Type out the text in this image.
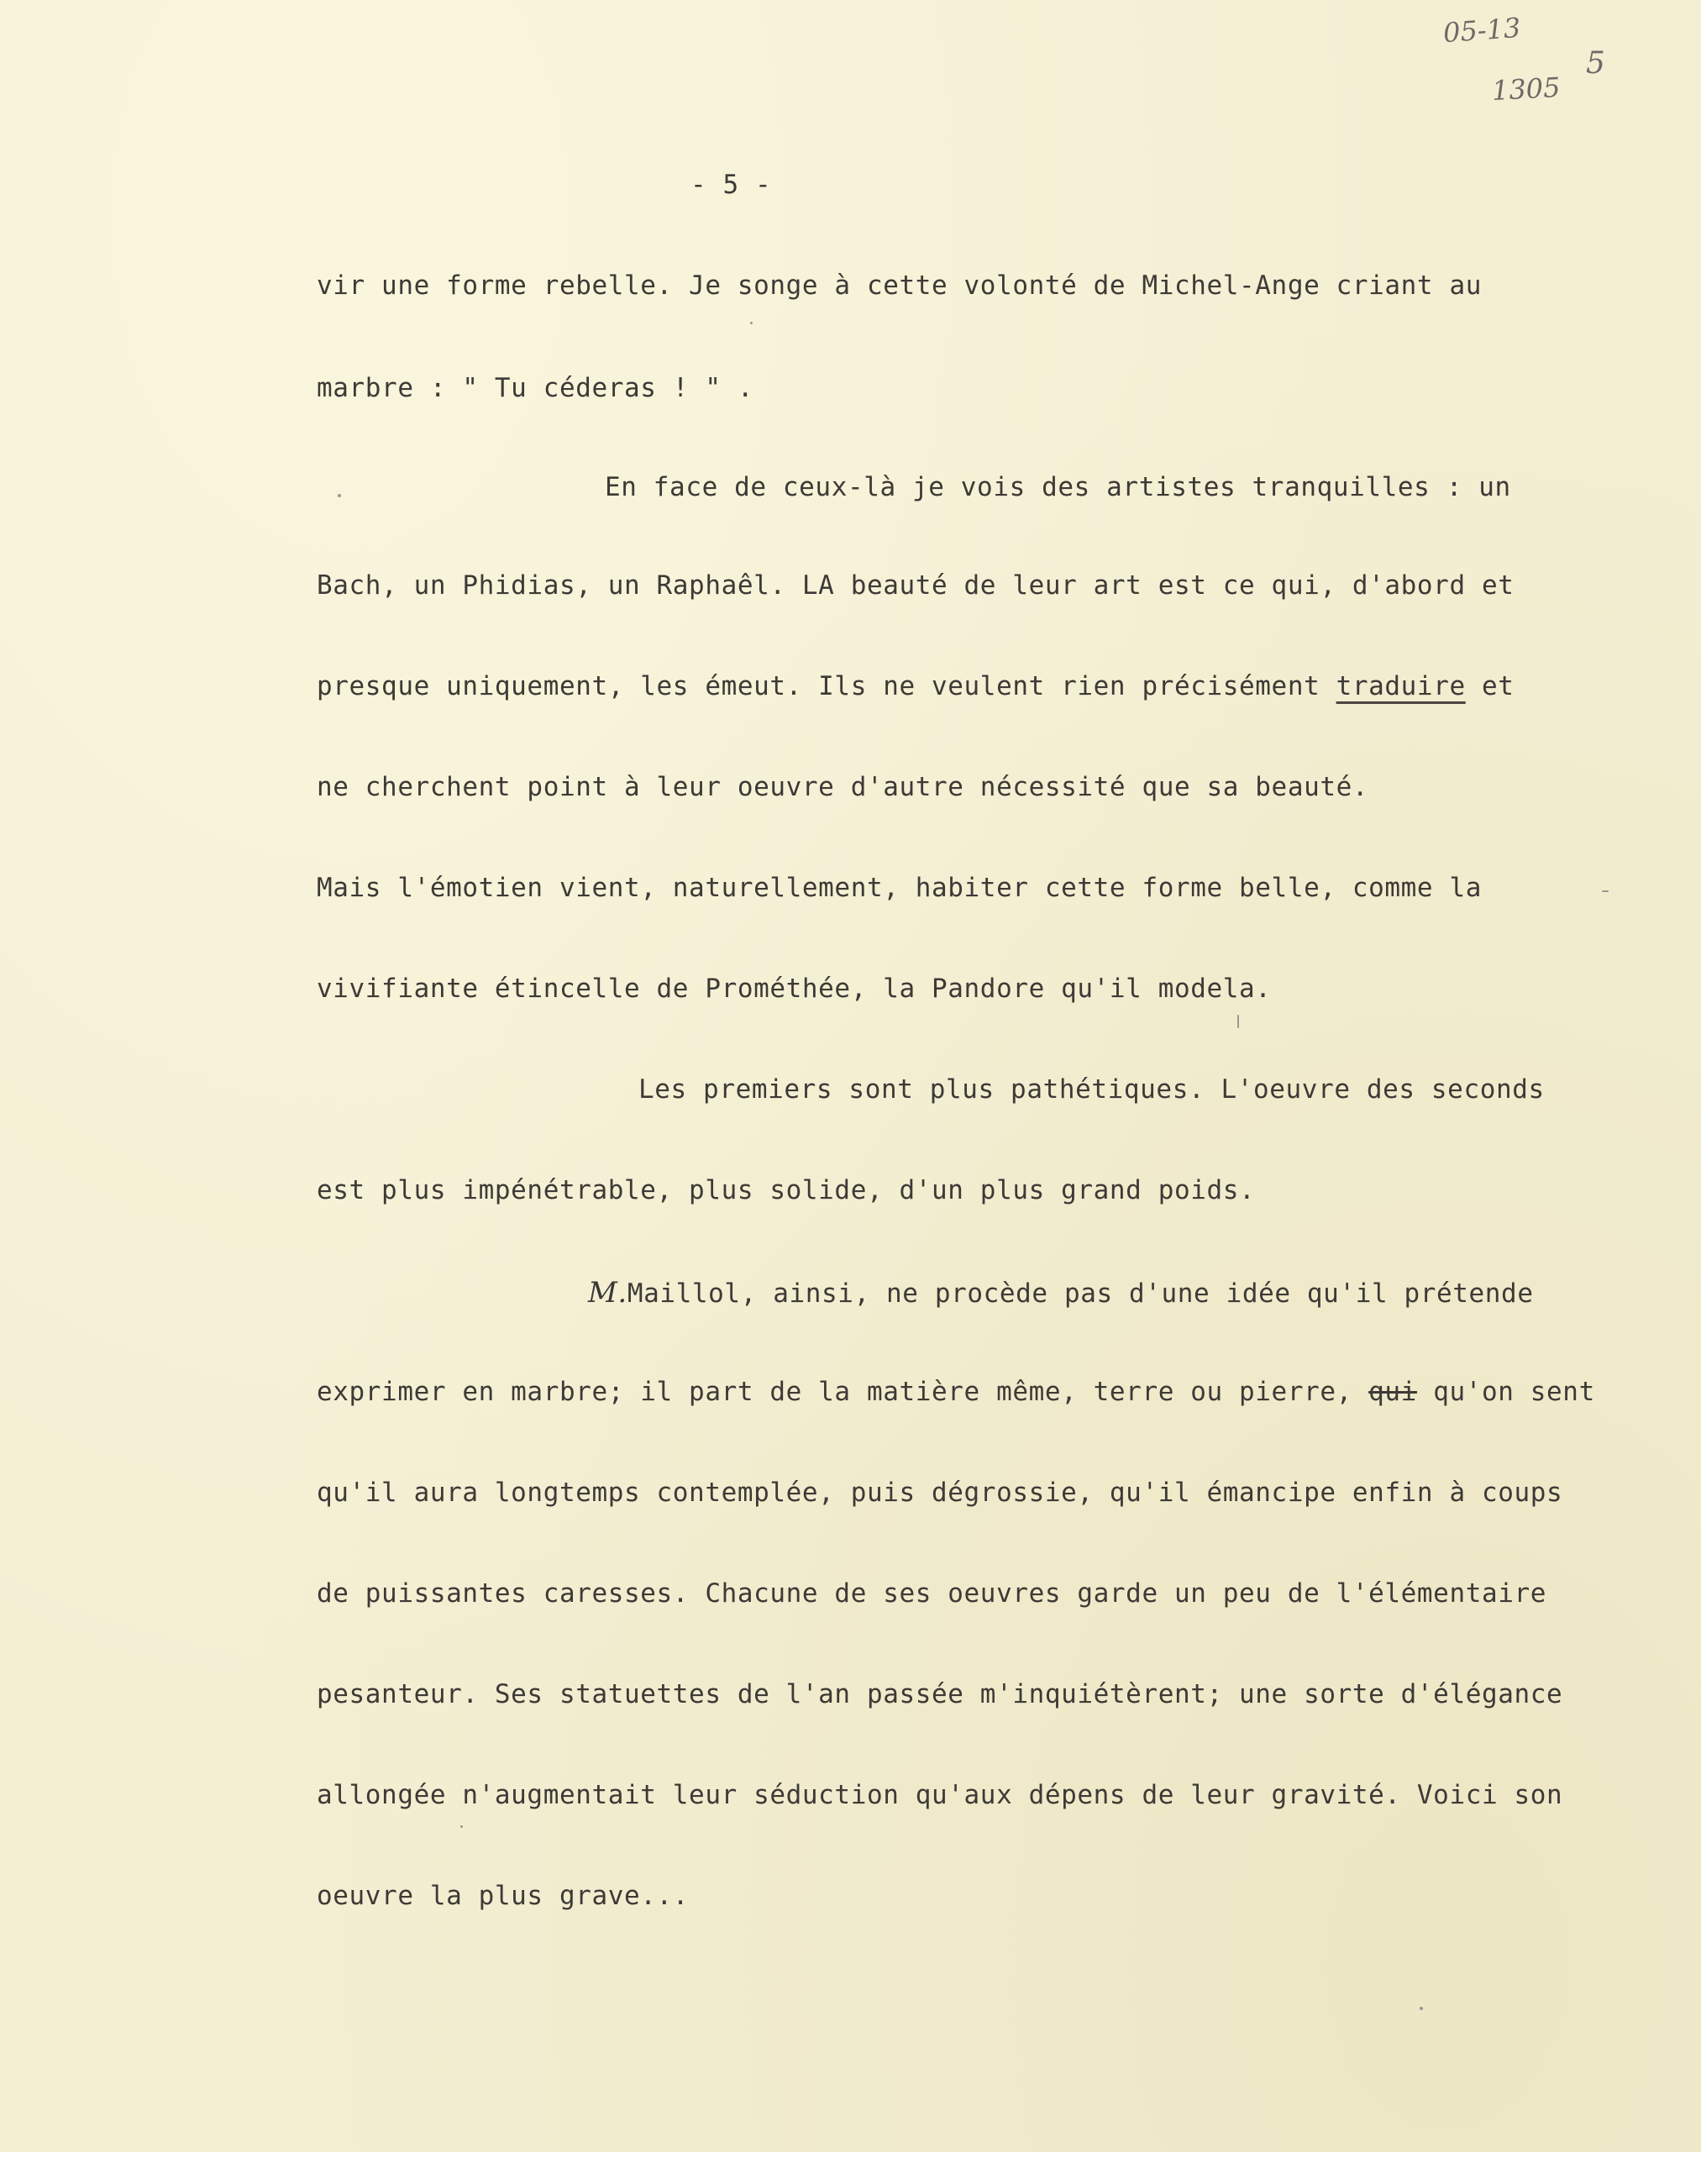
05-13
1305
5
- 5 -
vir une forme rebelle. Je songe à cette volonté de Michel-Ange criant au
marbre : " Tu céderas ! " .
En face de ceux-là je vois des artistes tranquilles : un
Bach, un Phidias, un Raphaêl. LA beauté de leur art est ce qui, d'abord et
presque uniquement, les émeut. Ils ne veulent rien précisément traduire et
ne cherchent point à leur oeuvre d'autre nécessité que sa beauté.
Mais l'émotien vient, naturellement, habiter cette forme belle, comme la
vivifiante étincelle de Prométhée, la Pandore qu'il modela.
Les premiers sont plus pathétiques. L'oeuvre des seconds
est plus impénétrable, plus solide, d'un plus grand poids.
M.Maillol, ainsi, ne procède pas d'une idée qu'il prétende
exprimer en marbre; il part de la matière même, terre ou pierre, qui qu'on sent
qu'il aura longtemps contemplée, puis dégrossie, qu'il émancipe enfin à coups
de puissantes caresses. Chacune de ses oeuvres garde un peu de l'élémentaire
pesanteur. Ses statuettes de l'an passée m'inquiétèrent; une sorte d'élégance
allongée n'augmentait leur séduction qu'aux dépens de leur gravité. Voici son
oeuvre la plus grave...
